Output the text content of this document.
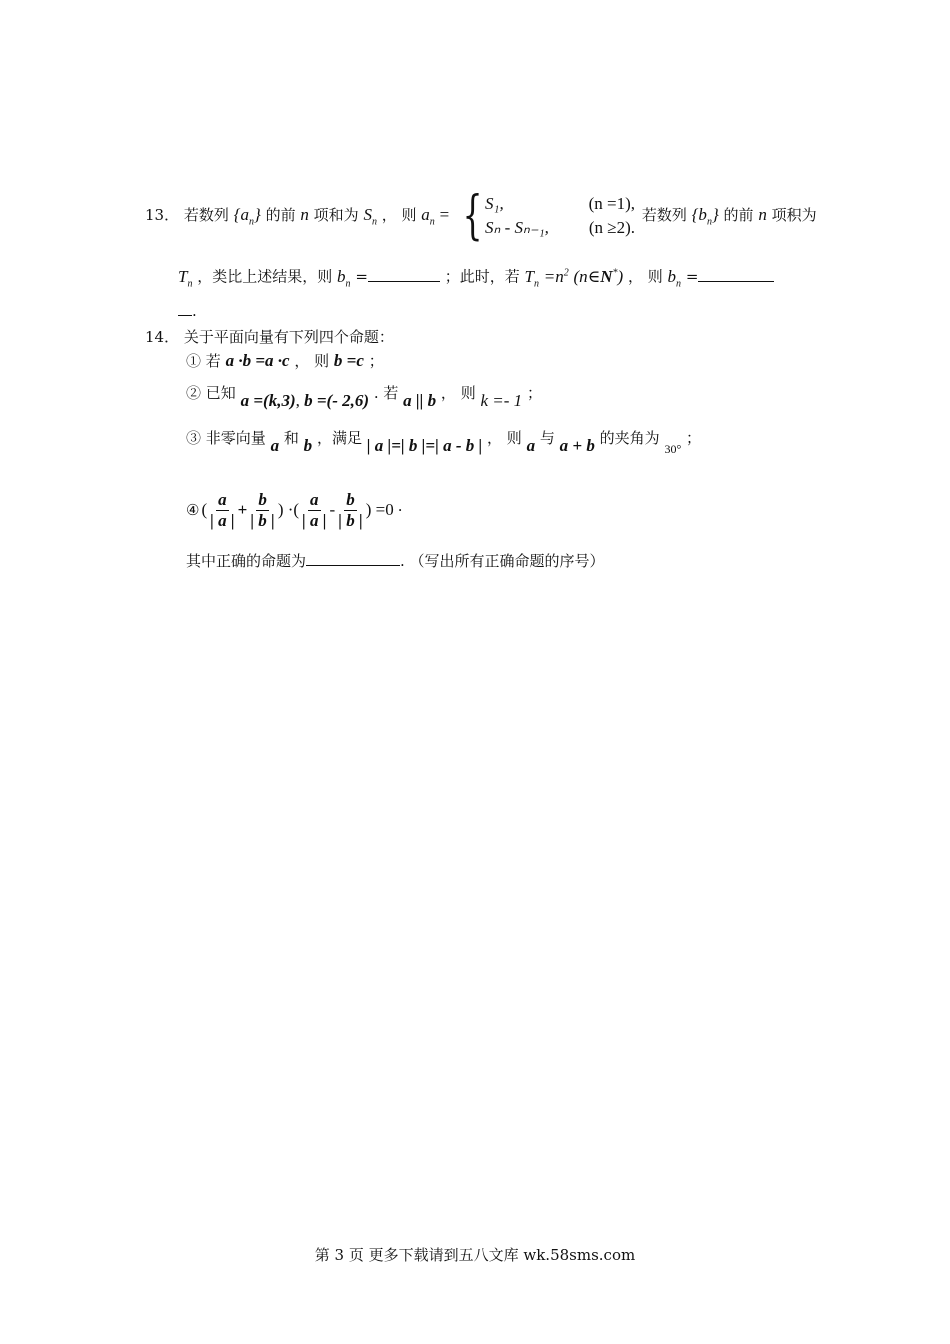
13． 若数列 $\{a_n\}$ 的前 n 项和为 $S_n$ ， 则 $a_n$ = { S₁,	(n =1),
Sₙ - Sₙ₋₁, (n ≥2).
若数列 $\{b_n\}$ 的前 n 项积为
$T_n$ ，类比上述结果，则 $b_n$ =	；此时，若 $T_n =n^2$ (n∈N*) ， 则 $b_n$ =
.
14． 关于平面向量有下列四个命题：
① 若 a ·b =a ·c ， 则 b =c ；
② 已知 a =(k,3), b =(- 2,6) . 若 a || b ， 则 k =- 1 ；
③ 非零向量 a 和 b ，满足 | a |=| b |=| a - b | ， 则 a 与 a + b 的夹角为 $_{30^\circ}$ ；
④ ( $\frac{a}{| a |} + \frac{b}{| b |}$ ) ·( $\frac{a}{| a |} - \frac{b}{| b |}$ ) =0 .
其中正确的命题为	. （写出所有正确命题的序号）
第 3 页 更多下载请到五八文库 wk.58sms.com
